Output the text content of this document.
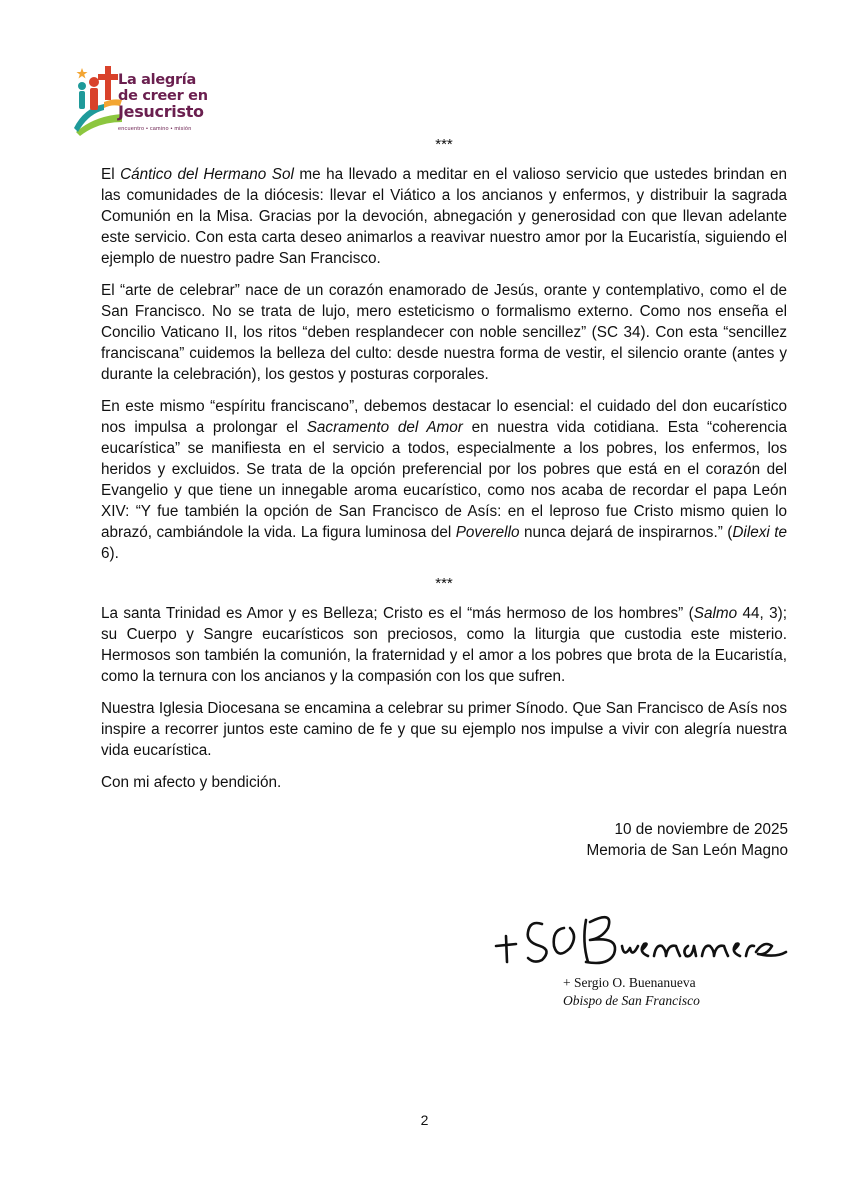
La alegría
de creer en
Jesucristo
encuentro • camino • misión
***

El Cántico del Hermano Sol me ha llevado a meditar en el valioso servicio que ustedes brindan en las comunidades de la diócesis: llevar el Viático a los ancianos y enfermos, y distribuir la sagrada Comunión en la Misa. Gracias por la devoción, abnegación y generosidad con que llevan adelante este servicio. Con esta carta deseo animarlos a reavivar nuestro amor por la Eucaristía, siguiendo el ejemplo de nuestro padre San Francisco.

El “arte de celebrar” nace de un corazón enamorado de Jesús, orante y contemplativo, como el de San Francisco. No se trata de lujo, mero esteticismo o formalismo externo. Como nos enseña el Concilio Vaticano II, los ritos “deben resplandecer con noble sencillez” (SC 34). Con esta “sencillez franciscana” cuidemos la belleza del culto: desde nuestra forma de vestir, el silencio orante (antes y durante la celebración), los gestos y posturas corporales.

En este mismo “espíritu franciscano”, debemos destacar lo esencial: el cuidado del don eucarístico nos impulsa a prolongar el Sacramento del Amor en nuestra vida cotidiana. Esta “coherencia eucarística” se manifiesta en el servicio a todos, especialmente a los pobres, los enfermos, los heridos y excluidos. Se trata de la opción preferencial por los pobres que está en el corazón del Evangelio y que tiene un innegable aroma eucarístico, como nos acaba de recordar el papa León XIV: “Y fue también la opción de San Francisco de Asís: en el leproso fue Cristo mismo quien lo abrazó, cambiándole la vida. La figura luminosa del Poverello nunca dejará de inspirarnos.” (Dilexi te 6).

***

La santa Trinidad es Amor y es Belleza; Cristo es el “más hermoso de los hombres” (Salmo 44, 3); su Cuerpo y Sangre eucarísticos son preciosos, como la liturgia que custodia este misterio. Hermosos son también la comunión, la fraternidad y el amor a los pobres que brota de la Eucaristía, como la ternura con los ancianos y la compasión con los que sufren.

Nuestra Iglesia Diocesana se encamina a celebrar su primer Sínodo. Que San Francisco de Asís nos inspire a recorrer juntos este camino de fe y que su ejemplo nos impulse a vivir con alegría nuestra vida eucarística.

Con mi afecto y bendición.

10 de noviembre de 2025
Memoria de San León Magno
+ Sergio O. Buenanueva
Obispo de San Francisco
2
